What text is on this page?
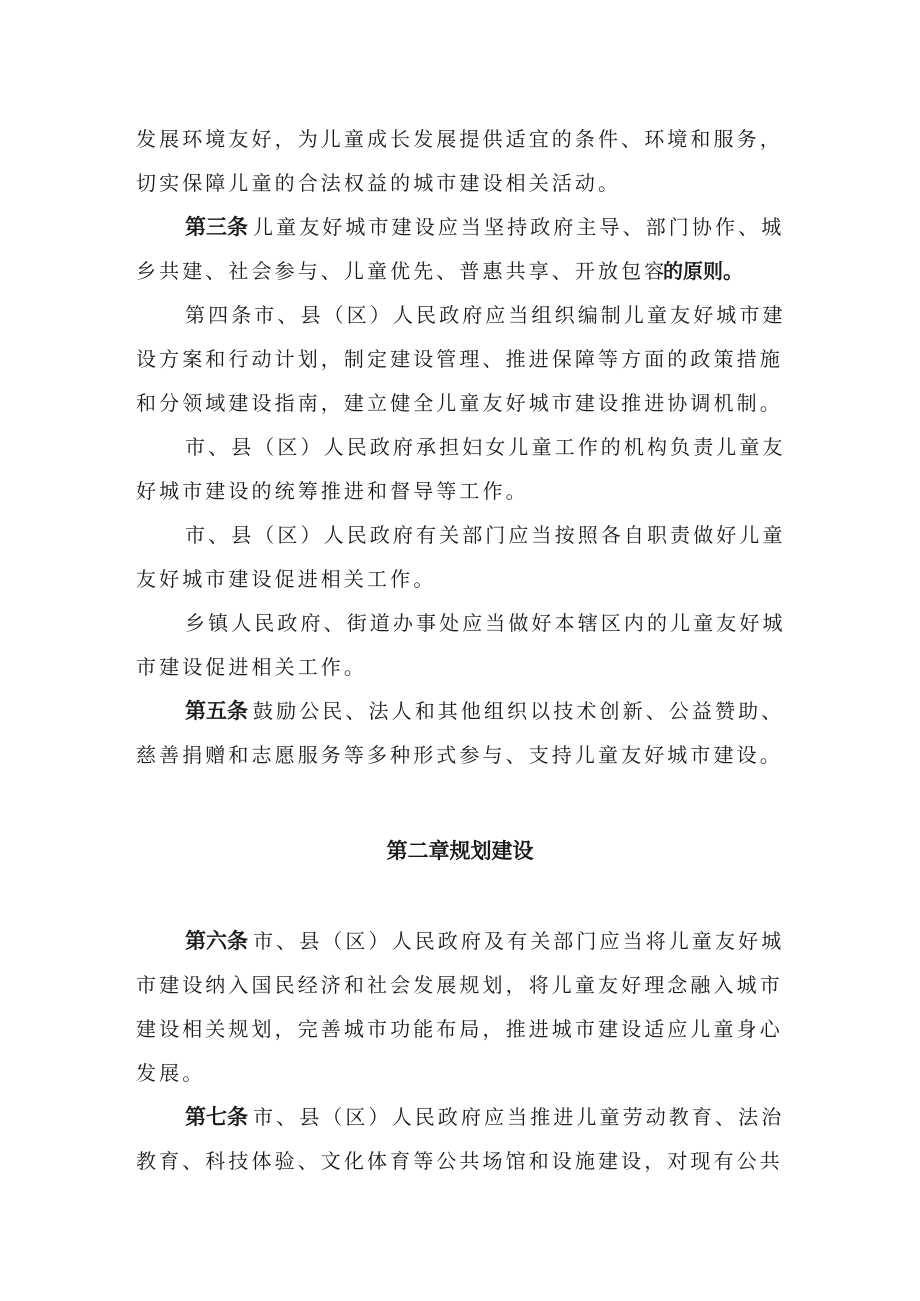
发展环境友好，为儿童成长发展提供适宜的条件、环境和服务，
切实保障儿童的合法权益的城市建设相关活动。
第三条 儿童友好城市建设应当坚持政府主导、部门协作、城
乡共建、社会参与、儿童优先、普惠共享、开放包容
的原则。
第四条市、县（区）人民政府应当组织编制儿童友好城市建
设方案和行动计划，制定建设管理、推进保障等方面的政策措施
和分领域建设指南，建立健全儿童友好城市建设推进协调机制。
市、县（区）人民政府承担妇女儿童工作的机构负责儿童友
好城市建设的统筹推进和督导等工作。
市、县（区）人民政府有关部门应当按照各自职责做好儿童
友好城市建设促进相关工作。
乡镇人民政府、街道办事处应当做好本辖区内的儿童友好城
市建设促进相关工作。
第五条 鼓励公民、法人和其他组织以技术创新、公益赞助、
慈善捐赠和志愿服务等多种形式参与、支持儿童友好城市建设。
第二章规划建设
第六条 市、县（区）人民政府及有关部门应当将儿童友好城
市建设纳入国民经济和社会发展规划，将儿童友好理念融入城市
建设相关规划，完善城市功能布局，推进城市建设适应儿童身心
发展。
第七条 市、县（区）人民政府应当推进儿童劳动教育、法治
教育、科技体验、文化体育等公共场馆和设施建设，对现有公共
